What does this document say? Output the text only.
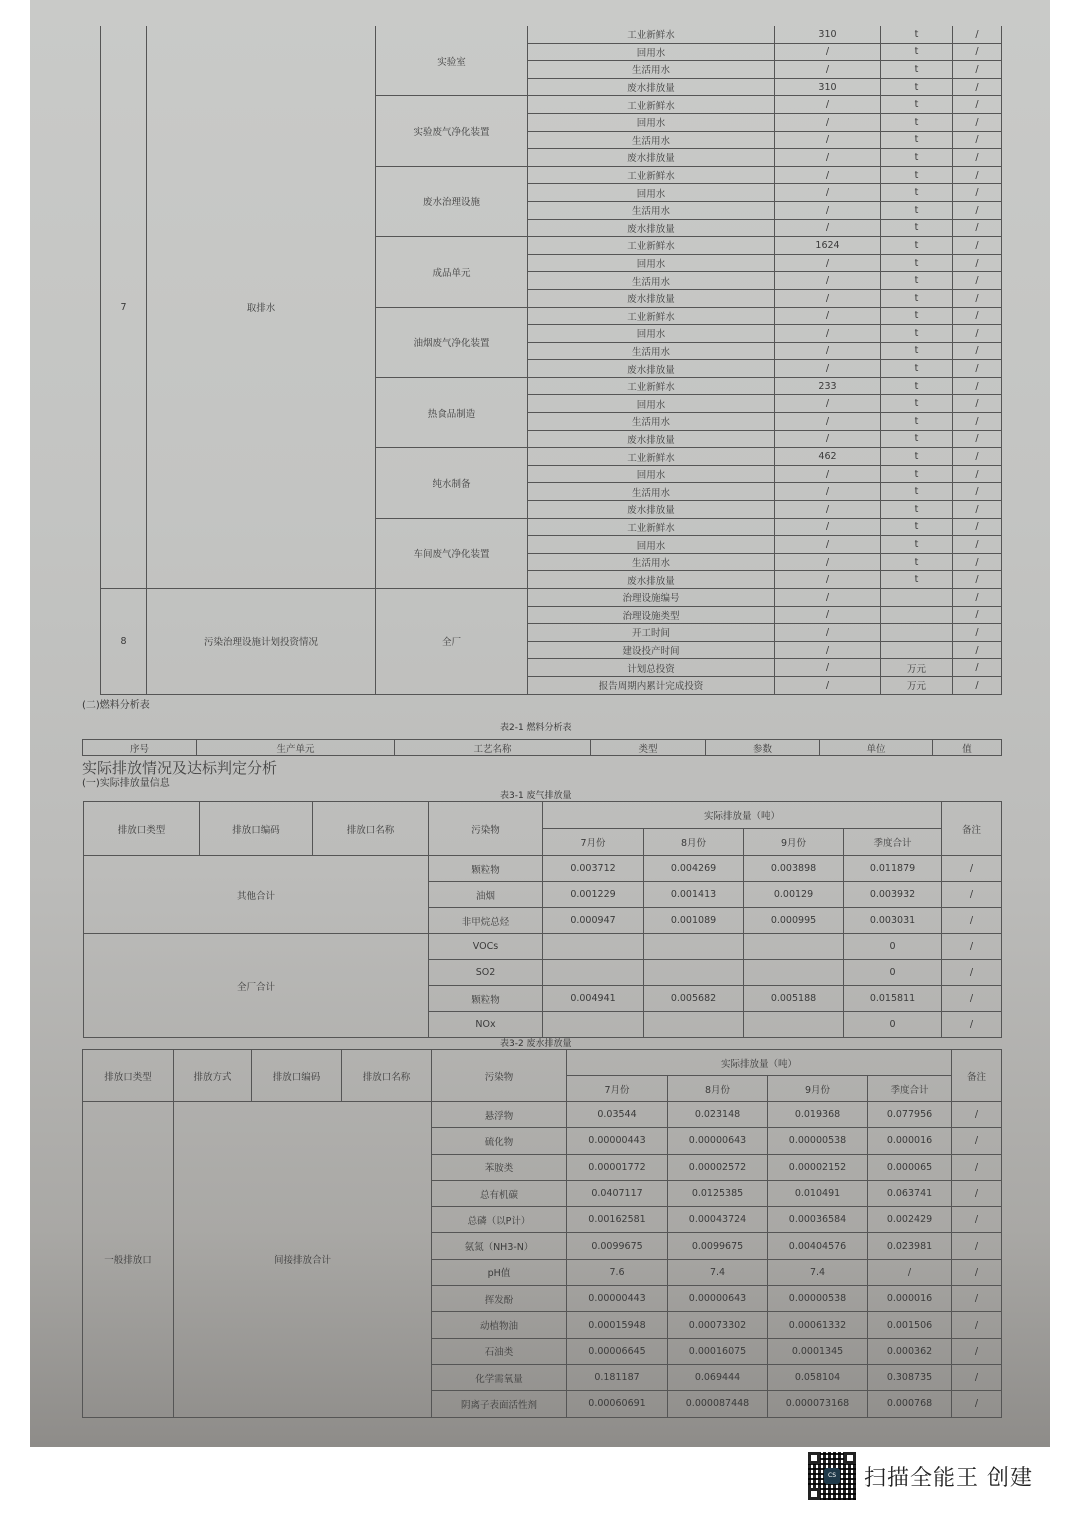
7	取排水	实验室	工业新鲜水	310	t	/
			回用水	/	t	/
			生活用水	/	t	/
			废水排放量	310	t	/
		实验废气净化装置	工业新鲜水	/	t	/
			回用水	/	t	/
			生活用水	/	t	/
			废水排放量	/	t	/
		废水治理设施	工业新鲜水	/	t	/
			回用水	/	t	/
			生活用水	/	t	/
			废水排放量	/	t	/
		成品单元	工业新鲜水	1624	t	/
			回用水	/	t	/
			生活用水	/	t	/
			废水排放量	/	t	/
		油烟废气净化装置	工业新鲜水	/	t	/
			回用水	/	t	/
			生活用水	/	t	/
			废水排放量	/	t	/
		热食品制造	工业新鲜水	233	t	/
			回用水	/	t	/
			生活用水	/	t	/
			废水排放量	/	t	/
		纯水制备	工业新鲜水	462	t	/
			回用水	/	t	/
			生活用水	/	t	/
			废水排放量	/	t	/
		车间废气净化装置	工业新鲜水	/	t	/
			回用水	/	t	/
			生活用水	/	t	/
			废水排放量	/	t	/
8	污染治理设施计划投资情况	全厂	治理设施编号	/		/
			治理设施类型	/		/
			开工时间	/		/
			建设投产时间	/		/
			计划总投资	/	万元	/
			报告周期内累计完成投资	/	万元	/
(二)燃料分析表
表2-1 燃料分析表
序号	生产单元	工艺名称	类型	参数	单位	值
实际排放情况及达标判定分析
(一)实际排放量信息
表3-1 废气排放量
排放口类型	排放口编码	排放口名称	污染物	实际排放量（吨）				备注
				7月份	8月份	9月份	季度合计	
其他合计			颗粒物	0.003712	0.004269	0.003898	0.011879	/
			油烟	0.001229	0.001413	0.00129	0.003932	/
			非甲烷总烃	0.000947	0.001089	0.000995	0.003031	/
全厂合计			VOCs				0	/
			SO2				0	/
			颗粒物	0.004941	0.005682	0.005188	0.015811	/
			NOx				0	/
表3-2 废水排放量
排放口类型	排放方式	排放口编码	排放口名称	污染物	实际排放量（吨）				备注
					7月份	8月份	9月份	季度合计	
一般排放口	间接排放合计			悬浮物	0.03544	0.023148	0.019368	0.077956	/
				硫化物	0.00000443	0.00000643	0.00000538	0.000016	/
				苯胺类	0.00001772	0.00002572	0.00002152	0.000065	/
				总有机碳	0.0407117	0.0125385	0.010491	0.063741	/
				总磷（以P计）	0.00162581	0.00043724	0.00036584	0.002429	/
				氨氮（NH3-N）	0.0099675	0.0099675	0.00404576	0.023981	/
				pH值	7.6	7.4	7.4	/	/
				挥发酚	0.00000443	0.00000643	0.00000538	0.000016	/
				动植物油	0.00015948	0.00073302	0.00061332	0.001506	/
				石油类	0.00006645	0.00016075	0.0001345	0.000362	/
				化学需氧量	0.181187	0.069444	0.058104	0.308735	/
				阴离子表面活性剂	0.00060691	0.000087448	0.000073168	0.000768	/
CS 扫描全能王 创建
